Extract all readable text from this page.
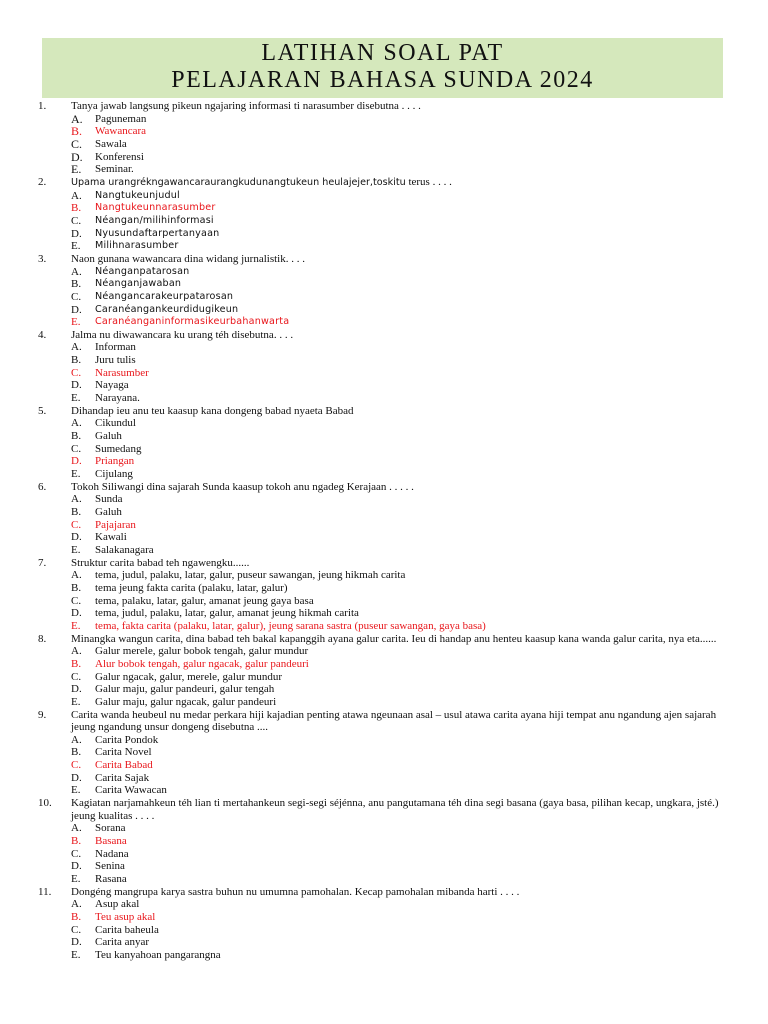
LATIHAN SOAL PAT
PELAJARAN BAHASA SUNDA 2024
1.	Tanya jawab langsung pikeun ngajaring informasi ti narasumber disebutna . . . .
A.	Paguneman
B.	Wawancara
C.	Sawala
D.	Konferensi
E.	Seminar.
2.	Upama urangrékngawancaraurangkudunangtukeun heulajejer,toskitu terus . . . .
A.	Nangtukeunjudul
B.	Nangtukeunnarasumber
C.	Néangan/milihinformasi
D.	Nyusundaftarpertanyaan
E.	Milihnarasumber
3.	Naon gunana wawancara dina widang jurnalistik. . . .
A.	Néanganpatarosan
B.	Néanganjawaban
C.	Néangancarakeurpatarosan
D.	Caranéangankeurdidugikeun
E.	Caranéanganinformasikeurbahanwarta
4.	Jalma nu diwawancara ku urang téh disebutna. . . .
A.	Informan
B.	Juru tulis
C.	Narasumber
D.	Nayaga
E.	Narayana.
5.	Dihandap ieu anu teu kaasup kana dongeng babad nyaeta Babad
A.	Cikundul
B.	Galuh
C.	Sumedang
D.	Priangan
E.	Cijulang
6.	Tokoh Siliwangi dina sajarah Sunda kaasup tokoh anu ngadeg Kerajaan . . . . .
A.	Sunda
B.	Galuh
C.	Pajajaran
D.	Kawali
E.	Salakanagara
7.	Struktur carita babad teh ngawengku......
A.	tema, judul, palaku, latar, galur, puseur sawangan, jeung hikmah carita
B.	tema jeung fakta carita (palaku, latar, galur)
C.	tema, palaku, latar, galur, amanat jeung gaya basa
D.	tema, judul, palaku, latar, galur, amanat jeung hikmah carita
E.	tema, fakta carita (palaku, latar, galur), jeung sarana sastra (puseur sawangan, gaya basa)
8.	Minangka wangun carita, dina babad teh bakal kapanggih ayana galur carita. Ieu di handap anu henteu kaasup kana wanda galur carita, nya eta......
A.	Galur merele, galur bobok tengah, galur mundur
B.	Alur bobok tengah, galur ngacak, galur pandeuri
C.	Galur ngacak, galur, merele, galur mundur
D.	Galur maju, galur pandeuri, galur tengah
E.	Galur maju, galur ngacak, galur pandeuri
9.	Carita wanda heubeul nu medar perkara hiji kajadian penting atawa ngeunaan asal – usul atawa carita ayana hiji tempat anu ngandung ajen sajarah jeung ngandung unsur dongeng disebutna ....
A.	Carita Pondok
B.	Carita Novel
C.	Carita Babad
D.	Carita Sajak
E.	Carita Wawacan
10.	Kagiatan narjamahkeun téh lian ti mertahankeun segi-segi séjénna, anu pangutamana téh dina segi basana (gaya basa, pilihan kecap, ungkara, jsté.) jeung kualitas . . . .
A.	Sorana
B.	Basana
C.	Nadana
D.	Senina
E.	Rasana
11.	Dongéng mangrupa karya sastra buhun nu umumna pamohalan. Kecap pamohalan mibanda harti . . . .
A.	Asup akal
B.	Teu asup akal
C.	Carita baheula
D.	Carita anyar
E.	Teu kanyahoan pangarangna
